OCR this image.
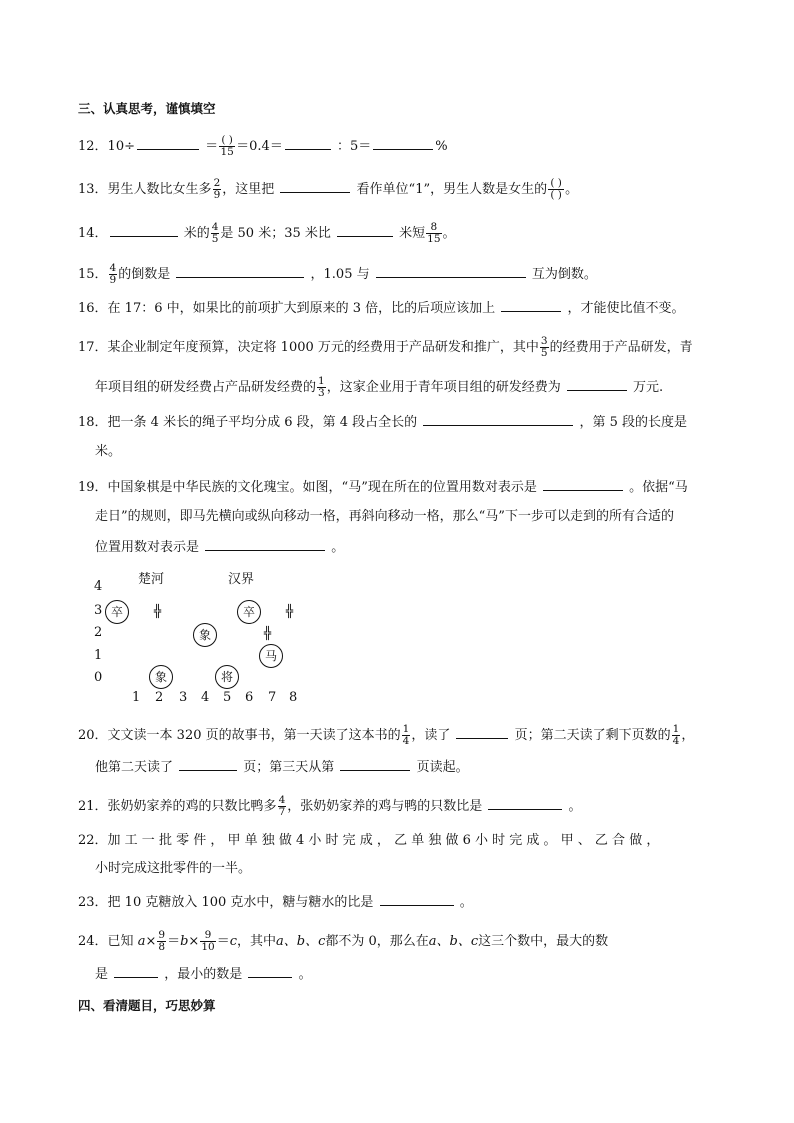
三、认真思考，谨慎填空
12．10÷	＝ $\frac{( )}{15} =0.4=$	：5＝	%
13．男生人数比女生多 $\frac{2}{9}$ ，这里把	看作单位“1”，男生人数是女生的 $\frac{( )}{( )}$ 。
14．	米的 $\frac{4}{5}$ 是 50 米；35 米比	米短 $\frac{8}{15}$ 。
15． $\frac{4}{9}$ 的倒数是	，1.05 与	互为倒数。
16．在 17：6 中，如果比的前项扩大到原来的 3 倍，比的后项应该加上	，才能使比值不变。
17．某企业制定年度预算，决定将 1000 万元的经费用于产品研发和推广，其中 $\frac{3}{5}$ 的经费用于产品研发，青
年项目组的研发经费占产品研发经费的 $\frac{1}{3}$ ，这家企业用于青年项目组的研发经费为	万元.
18．把一条 4 米长的绳子平均分成 6 段，第 4 段占全长的	，第 5 段的长度是
米。
19．中国象棋是中华民族的文化瑰宝。如图，“马”现在所在的位置用数对表示是	。依据“马
走日”的规则，即马先横向或纵向移动一格，再斜向移动一格，那么“马”下一步可以走到的所有合适的
位置用数对表示是	。
楚河	汉界
4
3
2
1
0
1 2 3 4 5 6 7 8
卒	卒
象
马
象	将
╬	╬
╬
20．文文读一本 320 页的故事书，第一天读了这本书的 $\frac{1}{4}$ ，读了	页；第二天读了剩下页数的 $\frac{1}{4}$ ，
他第二天读了	页；第三天从第	页读起。
21．张奶奶家养的鸡的只数比鸭多 $\frac{4}{7}$ ，张奶奶家养的鸡与鸭的只数比是	。
22．加 工 一 批 零 件 ， 甲 单 独 做 4 小 时 完 成 ， 乙 单 独 做 6 小 时 完 成 。 甲 、 乙 合 做 ，
小时完成这批零件的一半。
23．把 10 克糖放入 100 克水中，糖与糖水的比是	。
24．已知 $a\times \frac{9}{8} =b\times \frac{9}{10} =c$，其中a、b、c都不为 0，那么在a、b、c这三个数中，最大的数
是	，最小的数是	。
四、看清题目，巧思妙算
